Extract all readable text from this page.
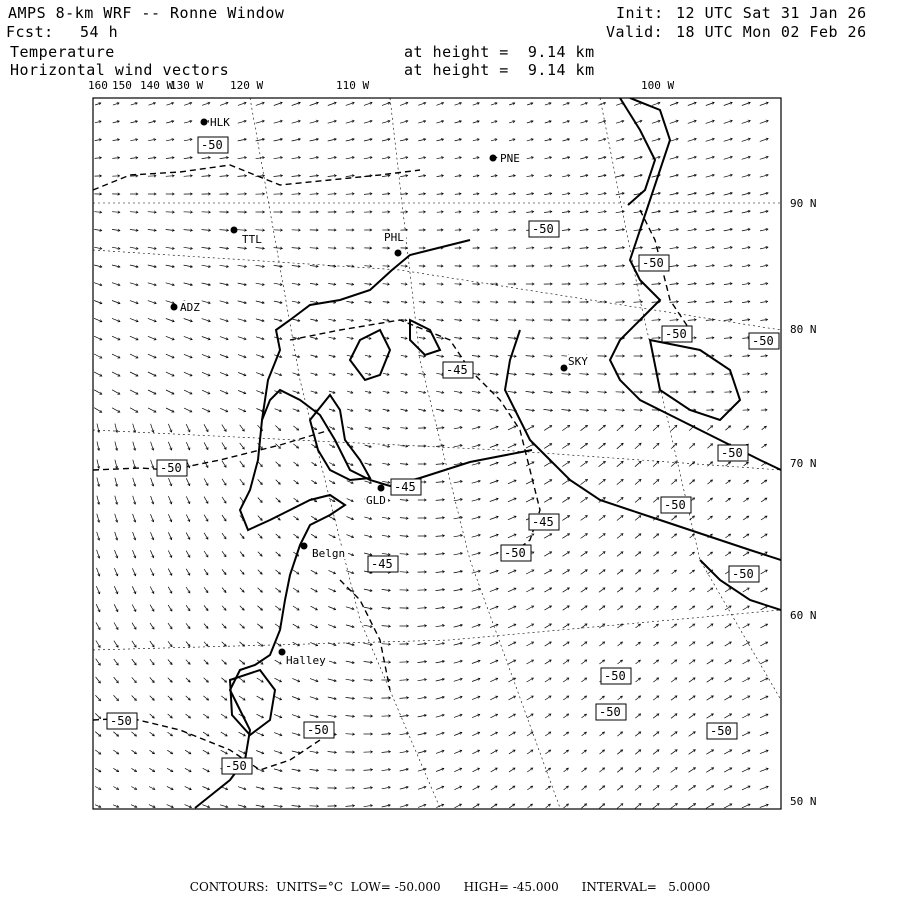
AMPS 8-km WRF -- Ronne Window
Fcst: 54 h
Init: 12 UTC Sat 31 Jan 26
Valid: 18 UTC Mon 02 Feb 26
Temperature	at height =  9.14 km
Horizontal wind vectors	at height =  9.14 km
HLK
PNE
TTL	PHL
ADZ
SKY
GLD
Belgn
Halley
-50
-50
-50
-50	-50
-45
-50
-45
-45
-50
-45
-50
-50
-50
-50
-50
-50
-50
-50
-50
160 150 140 W
130 W 120 W	110 W	100 W
90 N
80 N
70 N
60 N
50 N
CONTOURS:  UNITS=°C  LOW= -50.000      HIGH= -45.000      INTERVAL=   5.0000
